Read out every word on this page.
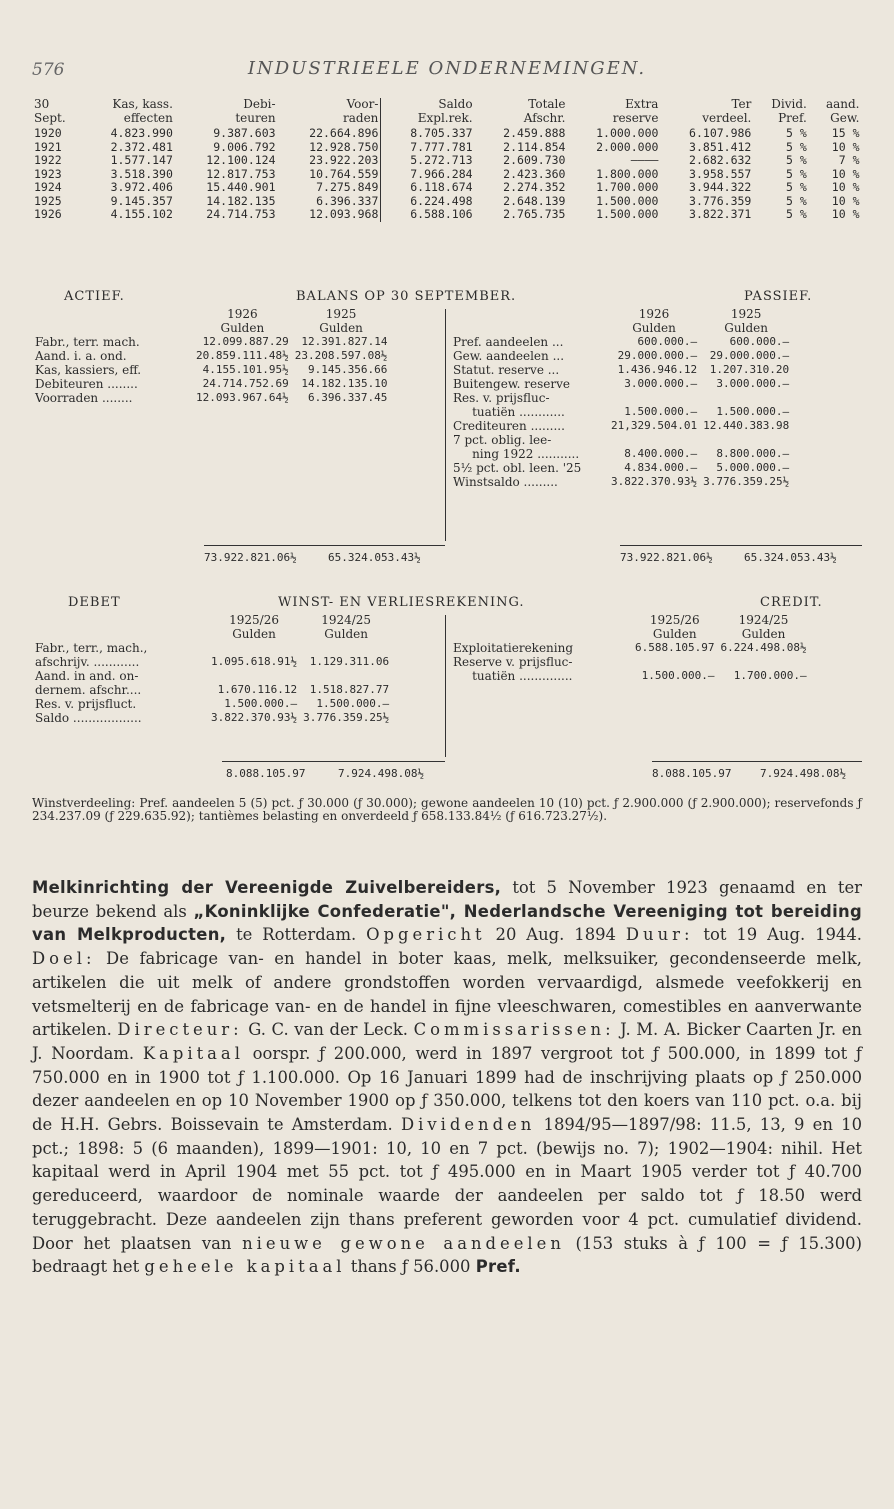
576	INDUSTRIEELE ONDERNEMINGEN.
30	Kas, kass.	Debi-	Voor-	Saldo	Totale	Extra	Ter	Divid.	aand.
Sept.	effecten	teuren	raden	Expl.rek.	Afschr.	reserve	verdeel.	Pref.	Gew.
1920	4.823.990	9.387.603	22.664.896	8.705.337	2.459.888	1.000.000	6.107.986	5 %	15 %
1921	2.372.481	9.006.792	12.928.750	7.777.781	2.114.854	2.000.000	3.851.412	5 %	10 %
1922	1.577.147	12.100.124	23.922.203	5.272.713	2.609.730	————	2.682.632	5 %	7 %
1923	3.518.390	12.817.753	10.764.559	7.966.284	2.423.360	1.800.000	3.958.557	5 %	10 %
1924	3.972.406	15.440.901	7.275.849	6.118.674	2.274.352	1.700.000	3.944.322	5 %	10 %
1925	9.145.357	14.182.135	6.396.337	6.224.498	2.648.139	1.500.000	3.776.359	5 %	10 %
1926	4.155.102	24.714.753	12.093.968	6.588.106	2.765.735	1.500.000	3.822.371	5 %	10 %
ACTIEF.	BALANS OP 30 SEPTEMBER.	PASSIEF.
	1926	1925
	Gulden	Gulden
Fabr., terr. mach.	12.099.887.29	12.391.827.14
Aand. i. a. ond.	20.859.111.48½	23.208.597.08½
Kas, kassiers, eff.	4.155.101.95½	9.145.356.66
Debiteuren ........	24.714.752.69	14.182.135.10
Voorraden ........	12.093.967.64½	6.396.337.45
	1926	1925
	Gulden	Gulden
Pref. aandeelen ...	600.000.—	600.000.—
Gew. aandeelen ...	29.000.000.—	29.000.000.—
Statut. reserve ...	1.436.946.12	1.207.310.20
Buitengew. reserve	3.000.000.—	3.000.000.—
Res. v. prijsfluc-		
tuatiën ............	1.500.000.—	1.500.000.—
Crediteuren .........	21,329.504.01	12.440.383.98
7 pct. oblig. lee-		
ning 1922 ...........	8.400.000.—	8.800.000.—
5½ pct. obl. leen. '25	4.834.000.—	5.000.000.—
Winstsaldo .........	3.822.370.93½	3.776.359.25½
73.922.821.06½	65.324.053.43½	73.922.821.06½	65.324.053.43½
DEBET	WINST- EN VERLIESREKENING.	CREDIT.
	1925/26	1924/25
	Gulden	Gulden
Fabr., terr., mach.,		
afschrijv. ............	1.095.618.91½	1.129.311.06
Aand. in and. on-		
dernem. afschr....	1.670.116.12	1.518.827.77
Res. v. prijsfluct.	1.500.000.—	1.500.000.—
Saldo ..................	3.822.370.93½	3.776.359.25½
	1925/26	1924/25
	Gulden	Gulden
Exploitatierekening	6.588.105.97	6.224.498.08½
Reserve v. prijsfluc-		
tuatiën ..............	1.500.000.—	1.700.000.—
8.088.105.97	7.924.498.08½	8.088.105.97	7.924.498.08½
Winstverdeeling: Pref. aandeelen 5 (5) pct. ƒ 30.000 (ƒ 30.000); gewone aandeelen 10 (10) pct. ƒ 2.900.000 (ƒ 2.900.000); reservefonds ƒ 234.237.09 (ƒ 229.635.92); tantièmes belasting en onverdeeld ƒ 658.133.84½ (ƒ 616.723.27½).

Melkinrichting der Vereenigde Zuivelbereiders, tot 5 November 1923 genaamd en ter beurze bekend als „Koninklijke Confederatie", Nederlandsche Vereeniging tot bereiding van Melkproducten, te Rotterdam. Opgericht 20 Aug. 1894 Duur: tot 19 Aug. 1944. Doel: De fabricage van- en handel in boter kaas, melk, melksuiker, gecondenseerde melk, artikelen die uit melk of andere grondstoffen worden vervaardigd, alsmede veefokkerij en vetsmelterij en de fabricage van- en de handel in fijne vleeschwaren, comestibles en aanverwante artikelen. Directeur: G. C. van der Leck. Commissarissen: J. M. A. Bicker Caarten Jr. en J. Noordam. Kapitaal oorspr. ƒ 200.000, werd in 1897 vergroot tot ƒ 500.000, in 1899 tot ƒ 750.000 en in 1900 tot ƒ 1.100.000. Op 16 Januari 1899 had de inschrijving plaats op ƒ 250.000 dezer aandeelen en op 10 November 1900 op ƒ 350.000, telkens tot den koers van 110 pct. o.a. bij de H.H. Gebrs. Boissevain te Amsterdam. Dividenden 1894/95—1897/98: 11.5, 13, 9 en 10 pct.; 1898: 5 (6 maanden), 1899—1901: 10, 10 en 7 pct. (bewijs no. 7); 1902—1904: nihil. Het kapitaal werd in April 1904 met 55 pct. tot ƒ 495.000 en in Maart 1905 verder tot ƒ 40.700 gereduceerd, waardoor de nominale waarde der aandeelen per saldo tot ƒ 18.50 werd teruggebracht. Deze aandeelen zijn thans preferent geworden voor 4 pct. cumulatief dividend. Door het plaatsen van nieuwe gewone aandeelen (153 stuks à ƒ 100 = ƒ 15.300) bedraagt het geheele kapitaal thans ƒ 56.000 Pref.
